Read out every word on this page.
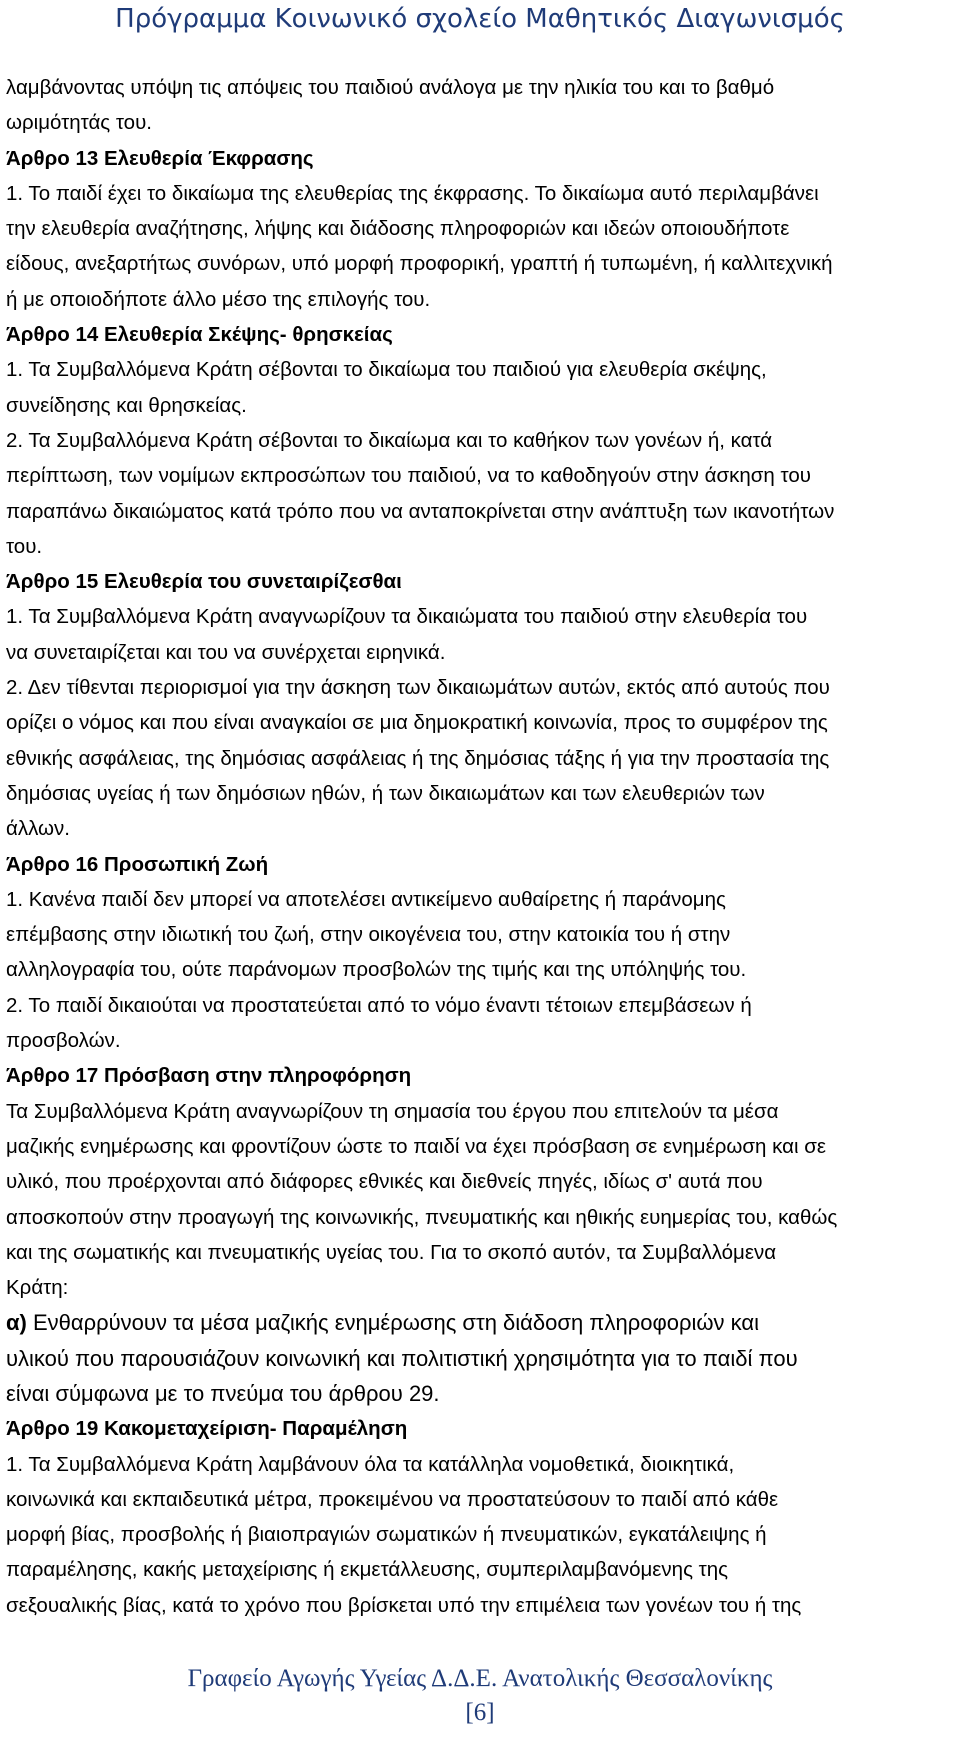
Πρόγραμμα Κοινωνικό σχολείο Μαθητικός Διαγωνισμός

λαμβάνοντας υπόψη τις απόψεις του παιδιού ανάλογα με την ηλικία του και το βαθμό

ωριμότητάς του.

Άρθρο 13 Ελευθερία Έκφρασης

1. Το παιδί έχει το δικαίωμα της ελευθερίας της έκφρασης. Το δικαίωμα αυτό περιλαμβάνει

την ελευθερία αναζήτησης, λήψης και διάδοσης πληροφοριών και ιδεών οποιουδήποτε

είδους, ανεξαρτήτως συνόρων, υπό μορφή προφορική, γραπτή ή τυπωμένη, ή καλλιτεχνική

ή με οποιοδήποτε άλλο μέσο της επιλογής του.

Άρθρο 14 Ελευθερία Σκέψης- θρησκείας

1. Τα Συμβαλλόμενα Κράτη σέβονται το δικαίωμα του παιδιού για ελευθερία σκέψης,

συνείδησης και θρησκείας.

2. Τα Συμβαλλόμενα Κράτη σέβονται το δικαίωμα και το καθήκον των γονέων ή, κατά

περίπτωση, των νομίμων εκπροσώπων του παιδιού, να το καθοδηγούν στην άσκηση του

παραπάνω δικαιώματος κατά τρόπο που να ανταποκρίνεται στην ανάπτυξη των ικανοτήτων

του.

Άρθρο 15 Ελευθερία του συνεταιρίζεσθαι

1. Τα Συμβαλλόμενα Κράτη αναγνωρίζουν τα δικαιώματα του παιδιού στην ελευθερία του

να συνεταιρίζεται και του να συνέρχεται ειρηνικά.

2. Δεν τίθενται περιορισμοί για την άσκηση των δικαιωμάτων αυτών, εκτός από αυτούς που

ορίζει ο νόμος και που είναι αναγκαίοι σε μια δημοκρατική κοινωνία, προς το συμφέρον της

εθνικής ασφάλειας, της δημόσιας ασφάλειας ή της δημόσιας τάξης ή για την προστασία της

δημόσιας υγείας ή των δημόσιων ηθών, ή των δικαιωμάτων και των ελευθεριών των

άλλων.

Άρθρο 16 Προσωπική Ζωή

1. Κανένα παιδί δεν μπορεί να αποτελέσει αντικείμενο αυθαίρετης ή παράνομης

επέμβασης στην ιδιωτική του ζωή, στην οικογένεια του, στην κατοικία του ή στην

αλληλογραφία του, ούτε παράνομων προσβολών της τιμής και της υπόληψής του.

2. Το παιδί δικαιούται να προστατεύεται από το νόμο έναντι τέτοιων επεμβάσεων ή

προσβολών.

Άρθρο 17 Πρόσβαση στην πληροφόρηση

Τα Συμβαλλόμενα Κράτη αναγνωρίζουν τη σημασία του έργου που επιτελούν τα μέσα

μαζικής ενημέρωσης και φροντίζουν ώστε το παιδί να έχει πρόσβαση σε ενημέρωση και σε

υλικό, που προέρχονται από διάφορες εθνικές και διεθνείς πηγές, ιδίως σ' αυτά που

αποσκοπούν στην προαγωγή της κοινωνικής, πνευματικής και ηθικής ευημερίας του, καθώς

και της σωματικής και πνευματικής υγείας του. Για το σκοπό αυτόν, τα Συμβαλλόμενα

Κράτη:

α) Ενθαρρύνουν τα μέσα μαζικής ενημέρωσης στη διάδοση πληροφοριών και

υλικού που παρουσιάζουν κοινωνική και πολιτιστική χρησιμότητα για το παιδί που

είναι σύμφωνα με το πνεύμα του άρθρου 29.

Άρθρο 19 Κακομεταχείριση- Παραμέληση

1. Τα Συμβαλλόμενα Κράτη λαμβάνουν όλα τα κατάλληλα νομοθετικά, διοικητικά,

κοινωνικά και εκπαιδευτικά μέτρα, προκειμένου να προστατεύσουν το παιδί από κάθε

μορφή βίας, προσβολής ή βιαιοπραγιών σωματικών ή πνευματικών, εγκατάλειψης ή

παραμέλησης, κακής μεταχείρισης ή εκμετάλλευσης, συμπεριλαμβανόμενης της

σεξουαλικής βίας, κατά το χρόνο που βρίσκεται υπό την επιμέλεια των γονέων του ή της

Γραφείο Αγωγής Υγείας Δ.Δ.Ε. Ανατολικής Θεσσαλονίκης
[6]
